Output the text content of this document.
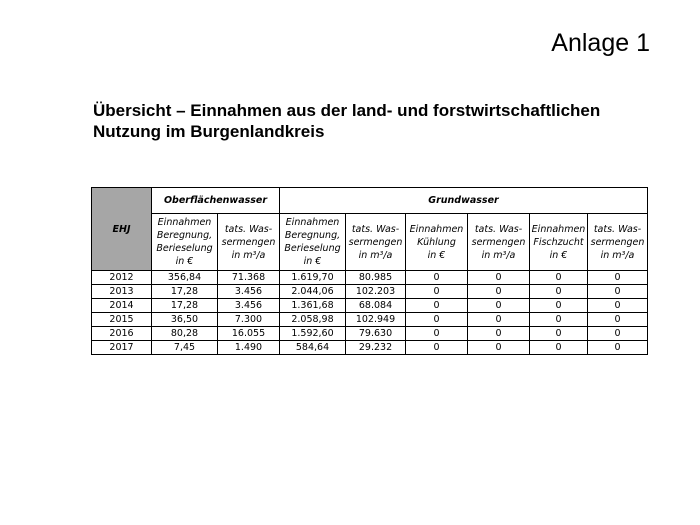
Anlage 1
Übersicht – Einnahmen aus der land- und forstwirtschaftlichen
Nutzung im Burgenlandkreis
EHJ	Oberflächenwasser		Grundwasser					
	Einnahmen
Beregnung,
Berieselung
in €	tats. Was-
sermengen
in m³/a	Einnahmen
Beregnung,
Berieselung
in €	tats. Was-
sermengen
in m³/a	Einnahmen
Kühlung
in €	tats. Was-
sermengen
in m³/a	Einnahmen
Fischzucht
in €	tats. Was-
sermengen
in m³/a
2012	356,84	71.368	1.619,70	80.985	0	0	0	0
2013	17,28	3.456	2.044,06	102.203	0	0	0	0
2014	17,28	3.456	1.361,68	68.084	0	0	0	0
2015	36,50	7.300	2.058,98	102.949	0	0	0	0
2016	80,28	16.055	1.592,60	79.630	0	0	0	0
2017	7,45	1.490	584,64	29.232	0	0	0	0
